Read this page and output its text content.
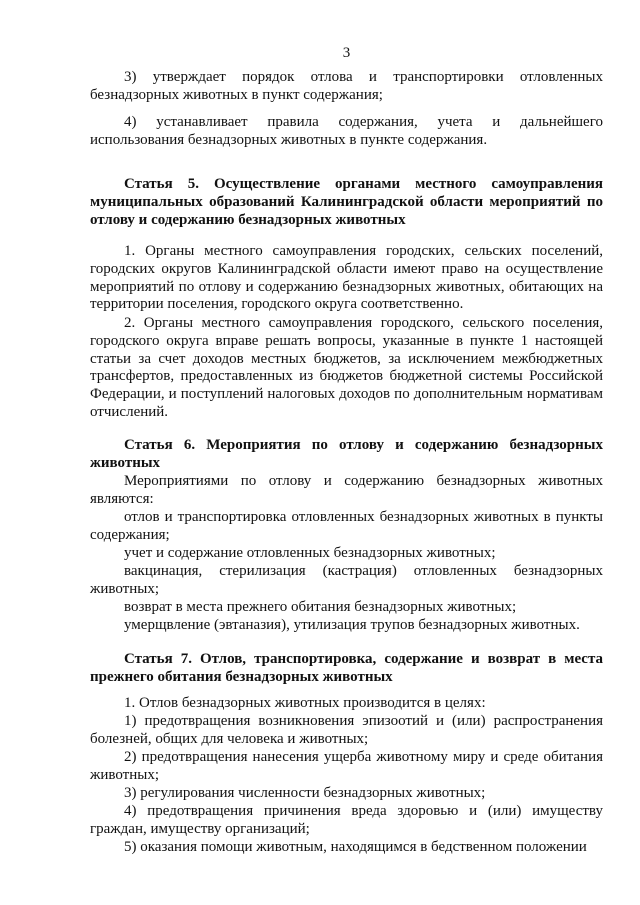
3
3) утверждает порядок отлова и транспортировки отловленных безнадзорных животных в пункт содержания;
4) устанавливает правила содержания, учета и дальнейшего использования безнадзорных животных в пункте содержания.
Статья 5. Осуществление органами местного самоуправления муниципальных образований Калининградской области мероприятий по отлову и содержанию безнадзорных животных
1. Органы местного самоуправления городских, сельских поселений, городских округов Калининградской области имеют право на осуществление мероприятий по отлову и содержанию безнадзорных животных, обитающих на территории поселения, городского округа соответственно.
2. Органы местного самоуправления городского, сельского поселения, городского округа вправе решать вопросы, указанные в пункте 1 настоящей статьи за счет доходов местных бюджетов, за исключением межбюджетных трансфертов, предоставленных из бюджетов бюджетной системы Российской Федерации, и поступлений налоговых доходов по дополнительным нормативам отчислений.
Статья 6. Мероприятия по отлову и содержанию безнадзорных животных
Мероприятиями по отлову и содержанию безнадзорных животных являются:
отлов и транспортировка отловленных безнадзорных животных в пункты содержания;
учет и содержание отловленных безнадзорных животных;
вакцинация, стерилизация (кастрация) отловленных безнадзорных животных;
возврат в места прежнего обитания безнадзорных животных;
умерщвление (эвтаназия), утилизация трупов безнадзорных животных.
Статья 7. Отлов, транспортировка, содержание и возврат в места прежнего обитания безнадзорных животных
1. Отлов безнадзорных животных производится в целях:
1) предотвращения возникновения эпизоотий и (или) распространения болезней, общих для человека и животных;
2) предотвращения нанесения ущерба животному миру и среде обитания животных;
3) регулирования численности безнадзорных животных;
4) предотвращения причинения вреда здоровью и (или) имуществу граждан, имуществу организаций;
5) оказания помощи животным, находящимся в бедственном положении
